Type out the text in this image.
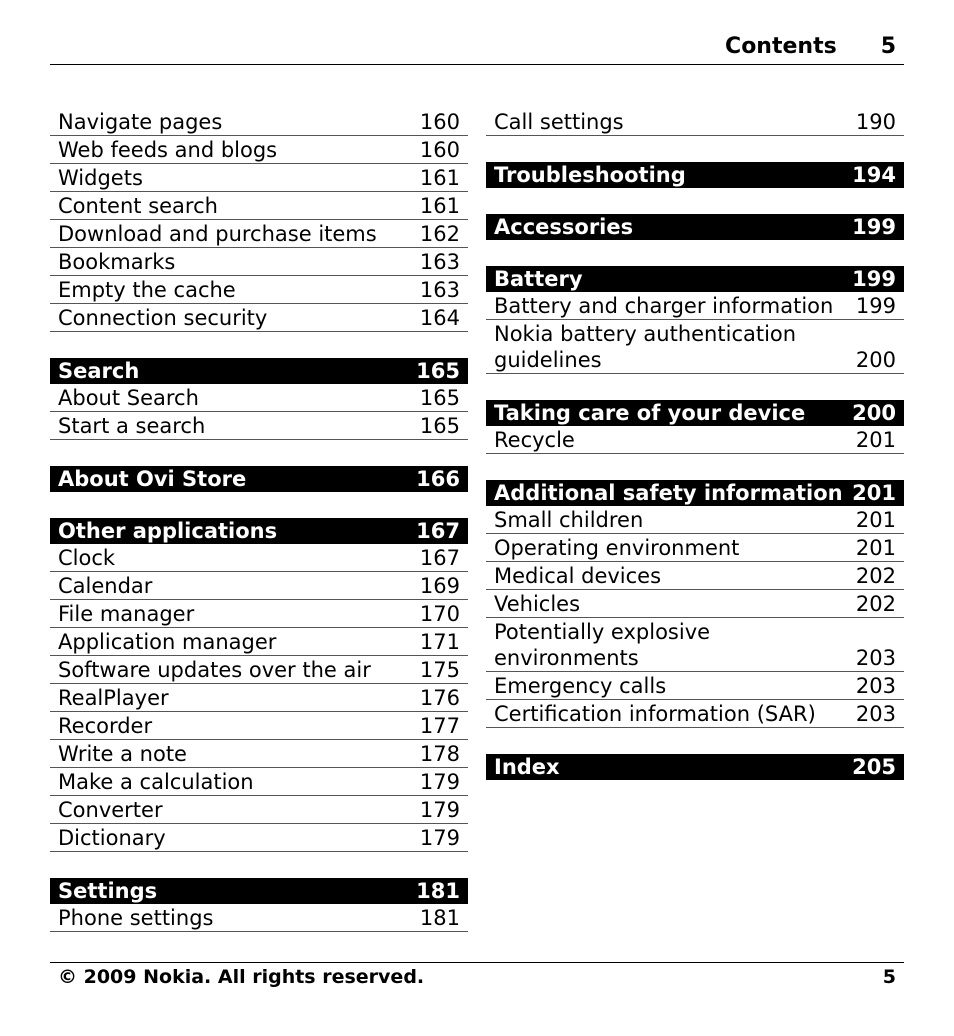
Contents 5
Navigate pages	160
Web feeds and blogs	160
Widgets	161
Content search	161
Download and purchase items	162
Bookmarks	163
Empty the cache	163
Connection security	164
Search	165
About Search	165
Start a search	165
About Ovi Store	166
Other applications	167
Clock	167
Calendar	169
File manager	170
Application manager	171
Software updates over the air	175
RealPlayer	176
Recorder	177
Write a note	178
Make a calculation	179
Converter	179
Dictionary	179
Settings	181
Phone settings	181
Call settings	190
Troubleshooting	194
Accessories	199
Battery	199
Battery and charger information	199
Nokia battery authentication guidelines	200
Taking care of your device 200
Recycle	201
Additional safety information 201
Small children	201
Operating environment	201
Medical devices	202
Vehicles	202
Potentially explosive environments	203
Emergency calls	203
Certification information (SAR)	203
Index	205
© 2009 Nokia. All rights reserved.	5
